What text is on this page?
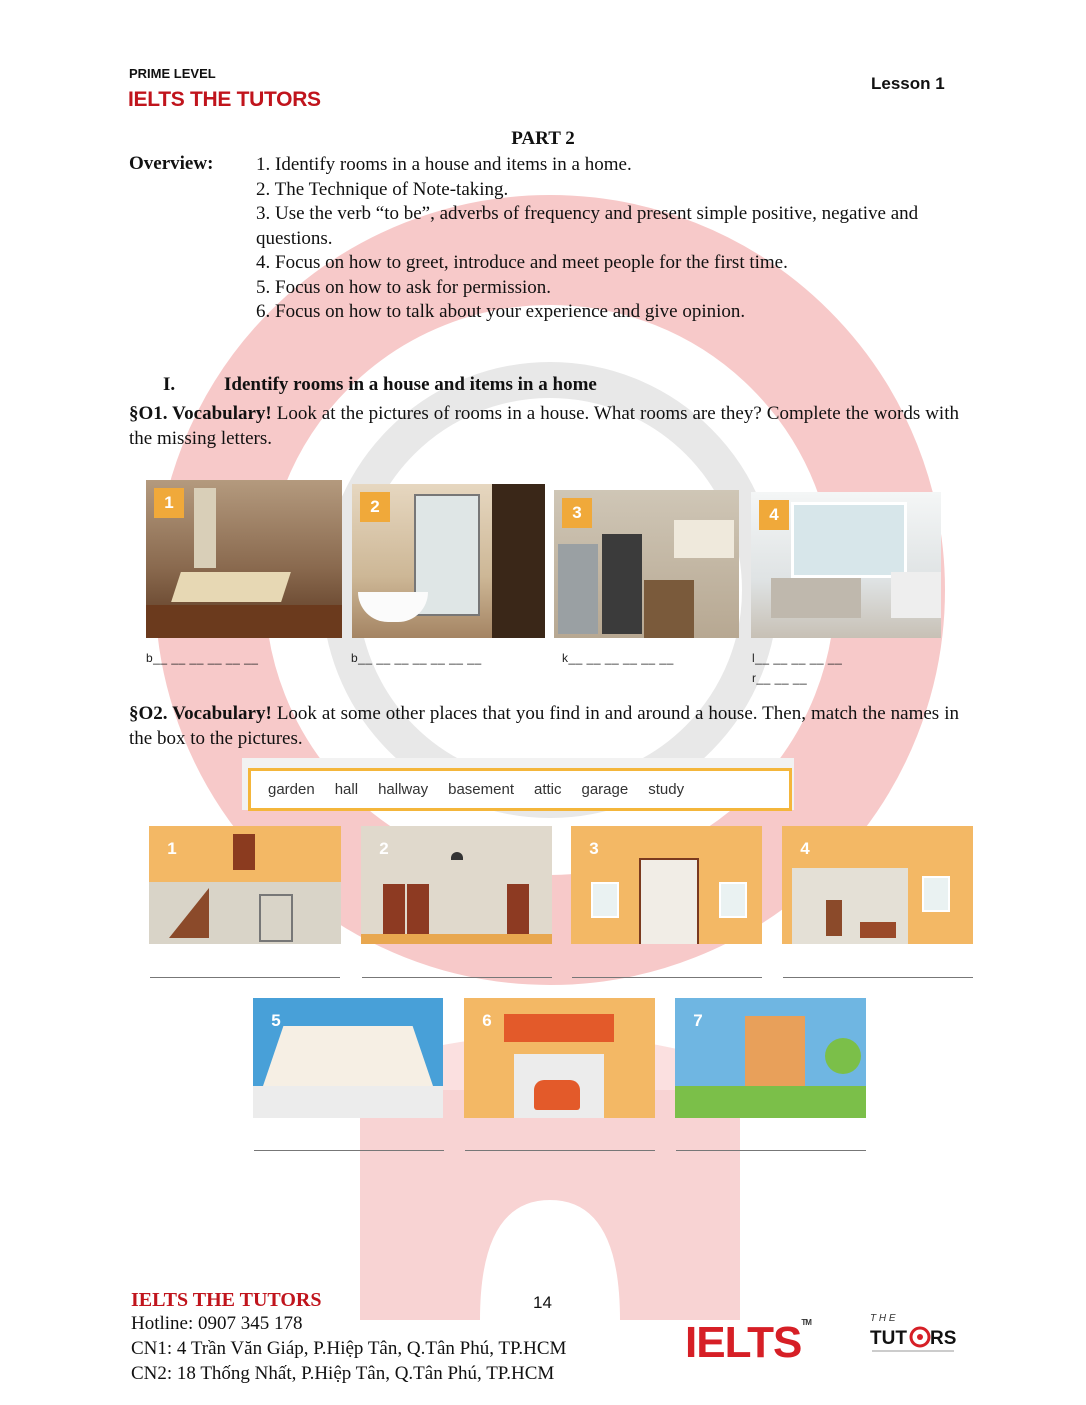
PRIME LEVEL
IELTS THE TUTORS
Lesson 1
PART 2
Overview: 1. Identify rooms in a house and items in a home.
2. The Technique of Note-taking.
3. Use the verb “to be”, adverbs of frequency and present simple positive, negative and questions.
4. Focus on how to greet, introduce and meet people for the first time.
5. Focus on how to ask for permission.
6. Focus on how to talk about your experience and give opinion.
I.	Identify rooms in a house and items in a home
§O1. Vocabulary! Look at the pictures of rooms in a house. What rooms are they? Complete the words with the missing letters.
1	2	3	4
b__ __ __ __ __ __	b__ __ __ __ __ __ __	k__ __ __ __ __ __	l__ __ __ __ __
r__ __ __
§O2. Vocabulary! Look at some other places that you find in and around a house. Then, match the names in the box to the pictures.
garden hall hallway basement attic garage study
1	2	3	4
5	6	7
IELTS THE TUTORS	14
Hotline: 0907 345 178
CN1: 4 Trần Văn Giáp, P.Hiệp Tân, Q.Tân Phú, TP.HCM
CN2: 18 Thống Nhất, P.Hiệp Tân, Q.Tân Phú, TP.HCM
IELTS™	T H E
TUT RS
